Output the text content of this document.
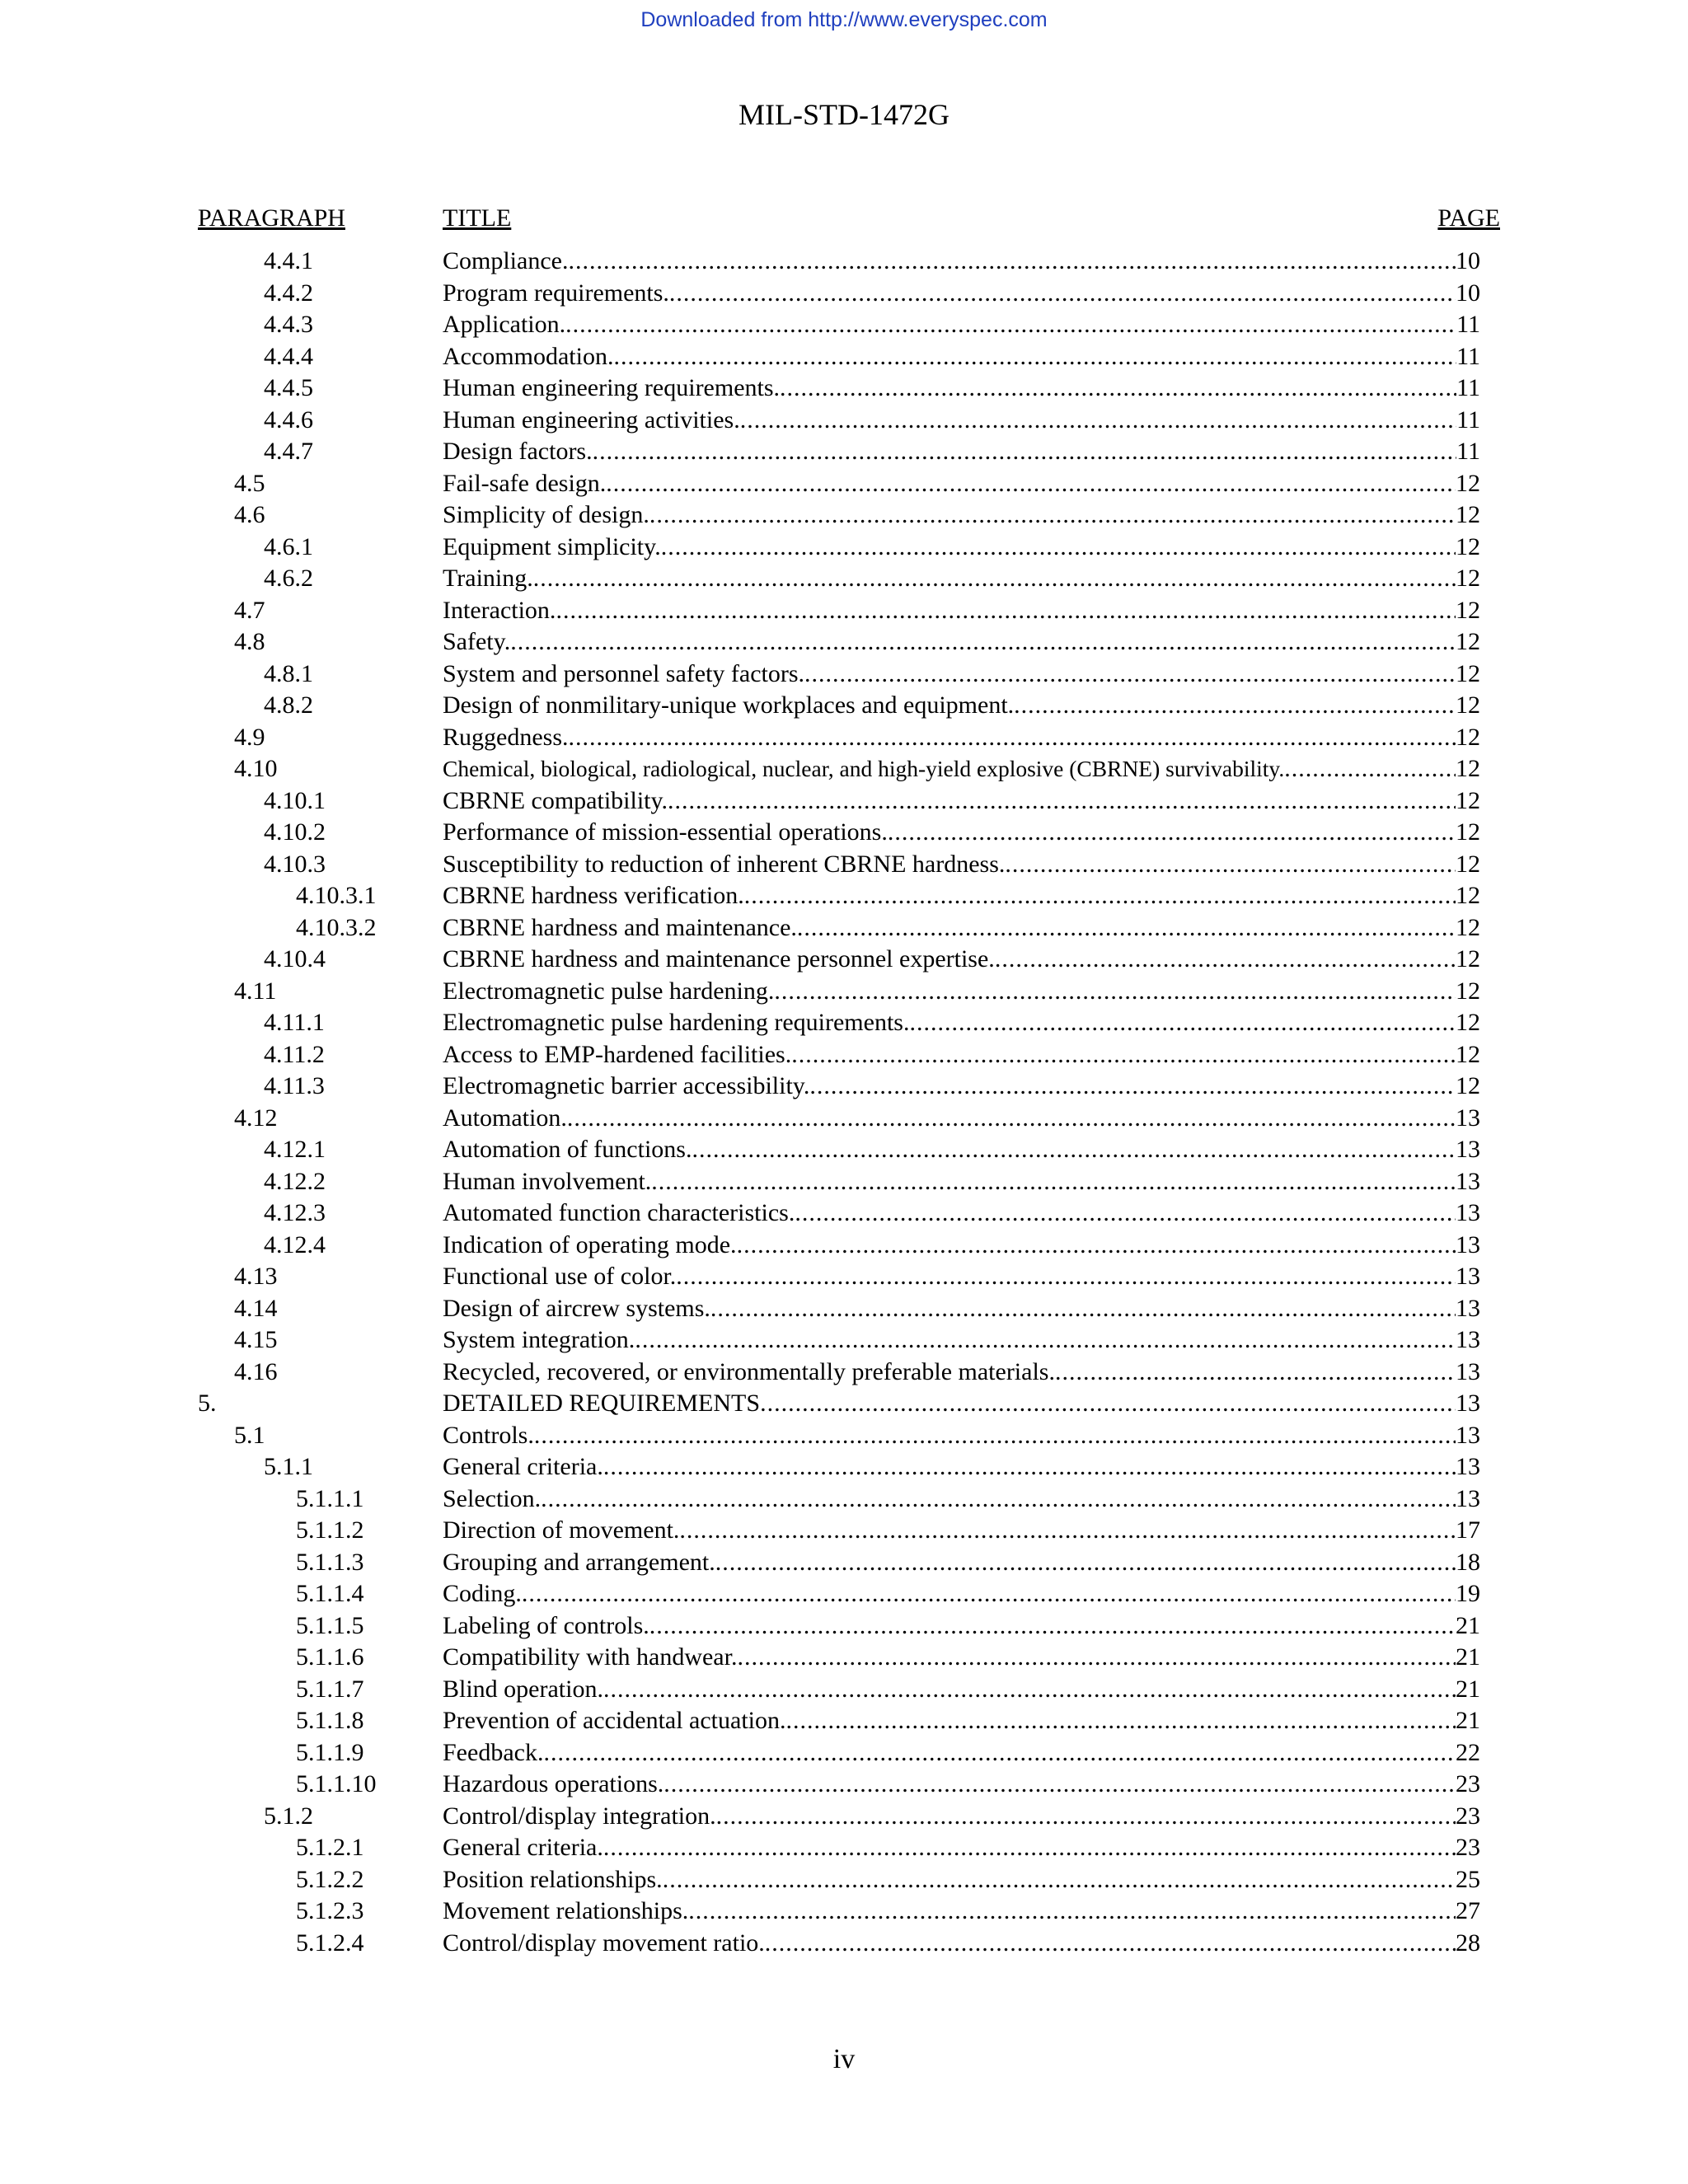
Downloaded from http://www.everyspec.com
MIL-STD-1472G
PARAGRAPH	TITLE	PAGE
4.4.1	Compliance. .....	10
4.4.2	Program requirements. .....	10
4.4.3	Application. .....	11
4.4.4	Accommodation. .....	11
4.4.5	Human engineering requirements. .....	11
4.4.6	Human engineering activities. .....	11
4.4.7	Design factors. .....	11
4.5	Fail-safe design. .....	12
4.6	Simplicity of design. .....	12
4.6.1	Equipment simplicity. .....	12
4.6.2	Training. .....	12
4.7	Interaction. .....	12
4.8	Safety. .....	12
4.8.1	System and personnel safety factors. .....	12
4.8.2	Design of nonmilitary-unique workplaces and equipment. .....	12
4.9	Ruggedness. .....	12
4.10	Chemical, biological, radiological, nuclear, and high-yield explosive (CBRNE) survivability. .....	12
4.10.1	CBRNE compatibility. .....	12
4.10.2	Performance of mission-essential operations. .....	12
4.10.3	Susceptibility to reduction of inherent CBRNE hardness. .....	12
4.10.3.1	CBRNE hardness verification. .....	12
4.10.3.2	CBRNE hardness and maintenance. .....	12
4.10.4	CBRNE hardness and maintenance personnel expertise. .....	12
4.11	Electromagnetic pulse hardening. .....	12
4.11.1	Electromagnetic pulse hardening requirements. .....	12
4.11.2	Access to EMP-hardened facilities. .....	12
4.11.3	Electromagnetic barrier accessibility. .....	12
4.12	Automation. .....	13
4.12.1	Automation of functions. .....	13
4.12.2	Human involvement. .....	13
4.12.3	Automated function characteristics. .....	13
4.12.4	Indication of operating mode. .....	13
4.13	Functional use of color. .....	13
4.14	Design of aircrew systems. .....	13
4.15	System integration. .....	13
4.16	Recycled, recovered, or environmentally preferable materials. .....	13
5.	DETAILED REQUIREMENTS .....	13
5.1	Controls. .....	13
5.1.1	General criteria. .....	13
5.1.1.1	Selection. .....	13
5.1.1.2	Direction of movement. .....	17
5.1.1.3	Grouping and arrangement. .....	18
5.1.1.4	Coding. .....	19
5.1.1.5	Labeling of controls. .....	21
5.1.1.6	Compatibility with handwear. .....	21
5.1.1.7	Blind operation. .....	21
5.1.1.8	Prevention of accidental actuation. .....	21
5.1.1.9	Feedback. .....	22
5.1.1.10	Hazardous operations. .....	23
5.1.2	Control/display integration. .....	23
5.1.2.1	General criteria. .....	23
5.1.2.2	Position relationships. .....	25
5.1.2.3	Movement relationships. .....	27
5.1.2.4	Control/display movement ratio. .....	28
iv
